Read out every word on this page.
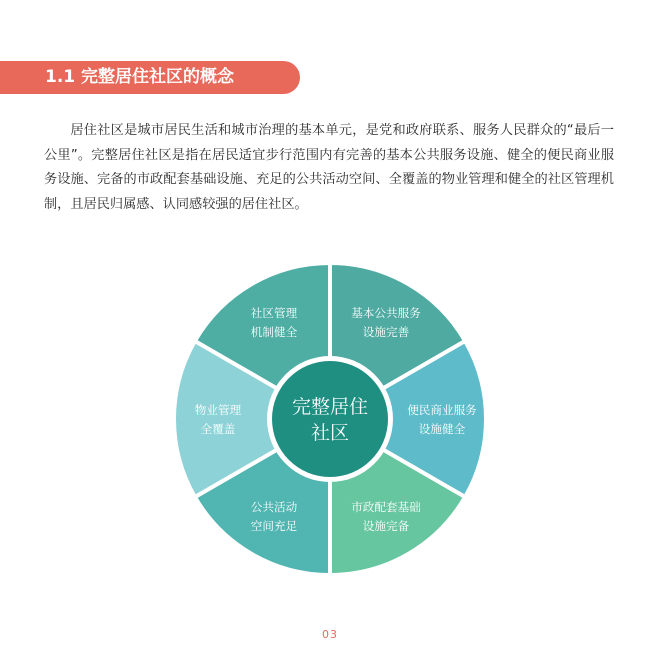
1.1 完整居住社区的概念
居住社区是城市居民生活和城市治理的基本单元，是党和政府联系、服务人民群众的“最后一公里”。完整居住社区是指在居民适宜步行范围内有完善的基本公共服务设施、健全的便民商业服务设施、完备的市政配套基础设施、充足的公共活动空间、全覆盖的物业管理和健全的社区管理机制，且居民归属感、认同感较强的居住社区。
基本公共服务
设施完善
便民商业服务
设施健全
市政配套基础
设施完备
公共活动
空间充足
物业管理
全覆盖
社区管理
机制健全
完整居住
社区
03
